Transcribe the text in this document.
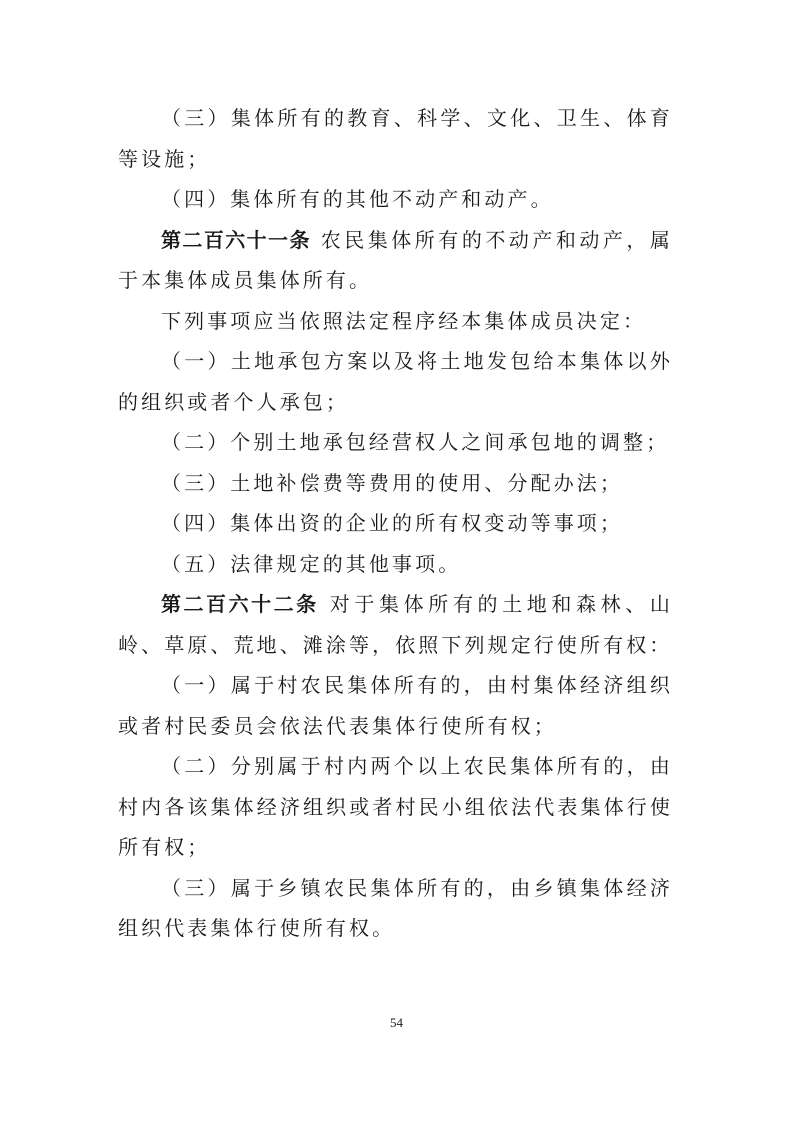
（三）集体所有的教育、科学、文化、卫生、体育等设施；

（四）集体所有的其他不动产和动产。

第二百六十一条 农民集体所有的不动产和动产，属于本集体成员集体所有。

下列事项应当依照法定程序经本集体成员决定：

（一）土地承包方案以及将土地发包给本集体以外的组织或者个人承包；

（二）个别土地承包经营权人之间承包地的调整；

（三）土地补偿费等费用的使用、分配办法；

（四）集体出资的企业的所有权变动等事项；

（五）法律规定的其他事项。

第二百六十二条 对于集体所有的土地和森林、山岭、草原、荒地、滩涂等，依照下列规定行使所有权：

（一）属于村农民集体所有的，由村集体经济组织或者村民委员会依法代表集体行使所有权；

（二）分别属于村内两个以上农民集体所有的，由村内各该集体经济组织或者村民小组依法代表集体行使所有权；

（三）属于乡镇农民集体所有的，由乡镇集体经济组织代表集体行使所有权。

54
